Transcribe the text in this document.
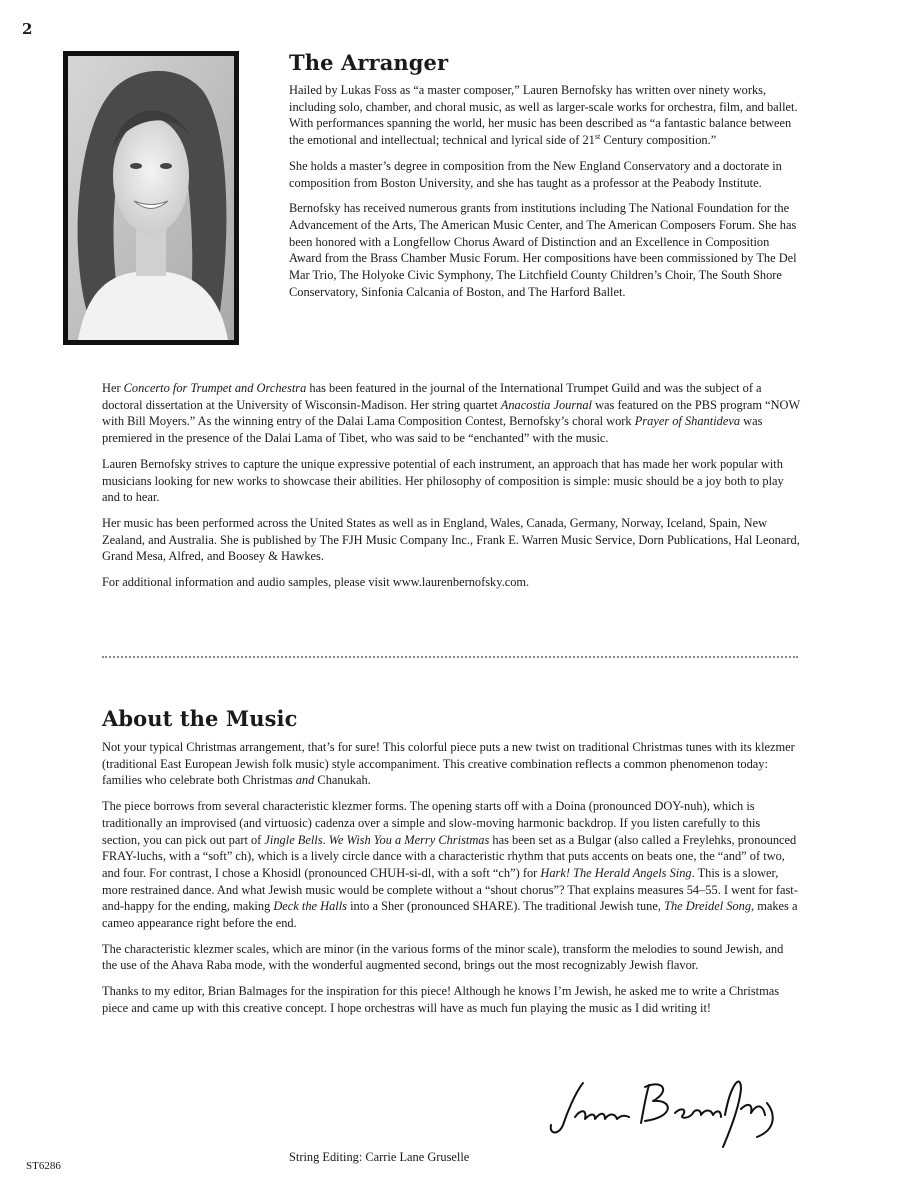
2
The Arranger

Hailed by Lukas Foss as “a master composer,” Lauren Bernofsky has written over ninety works, including solo, chamber, and choral music, as well as larger-scale works for orchestra, film, and ballet. With performances spanning the world, her music has been described as “a fantastic balance between the emotional and intellectual; technical and lyrical side of 21st Century composition.”

She holds a master’s degree in composition from the New England Conservatory and a doctorate in composition from Boston University, and she has taught as a professor at the Peabody Institute.

Bernofsky has received numerous grants from institutions including The National Foundation for the Advancement of the Arts, The American Music Center, and The American Composers Forum. She has been honored with a Longfellow Chorus Award of Distinction and an Excellence in Composition Award from the Brass Chamber Music Forum. Her compositions have been commissioned by The Del Mar Trio, The Holyoke Civic Symphony, The Litchfield County Children’s Choir, The South Shore Conservatory, Sinfonia Calcania of Boston, and The Harford Ballet.

Her Concerto for Trumpet and Orchestra has been featured in the journal of the International Trumpet Guild and was the subject of a doctoral dissertation at the University of Wisconsin-Madison. Her string quartet Anacostia Journal was featured on the PBS program “NOW with Bill Moyers.” As the winning entry of the Dalai Lama Composition Contest, Bernofsky’s choral work Prayer of Shantideva was premiered in the presence of the Dalai Lama of Tibet, who was said to be “enchanted” with the music.

Lauren Bernofsky strives to capture the unique expressive potential of each instrument, an approach that has made her work popular with musicians looking for new works to showcase their abilities. Her philosophy of composition is simple: music should be a joy both to play and to hear.

Her music has been performed across the United States as well as in England, Wales, Canada, Germany, Norway, Iceland, Spain, New Zealand, and Australia. She is published by The FJH Music Company Inc., Frank E. Warren Music Service, Dorn Publications, Hal Leonard, Grand Mesa, Alfred, and Boosey & Hawkes.

For additional information and audio samples, please visit www.laurenbernofsky.com.

About the Music

Not your typical Christmas arrangement, that’s for sure! This colorful piece puts a new twist on traditional Christmas tunes with its klezmer (traditional East European Jewish folk music) style accompaniment. This creative combination reflects a common phenomenon today: families who celebrate both Christmas and Chanukah.

The piece borrows from several characteristic klezmer forms. The opening starts off with a Doina (pronounced DOY-nuh), which is traditionally an improvised (and virtuosic) cadenza over a simple and slow-moving harmonic backdrop. If you listen carefully to this section, you can pick out part of Jingle Bells. We Wish You a Merry Christmas has been set as a Bulgar (also called a Freylehks, pronounced FRAY-luchs, with a “soft” ch), which is a lively circle dance with a characteristic rhythm that puts accents on beats one, the “and” of two, and four. For contrast, I chose a Khosidl (pronounced CHUH-si-dl, with a soft “ch”) for Hark! The Herald Angels Sing. This is a slower, more restrained dance. And what Jewish music would be complete without a “shout chorus”? That explains measures 54–55. I went for fast-and-happy for the ending, making Deck the Halls into a Sher (pronounced SHARE). The traditional Jewish tune, The Dreidel Song, makes a cameo appearance right before the end.

The characteristic klezmer scales, which are minor (in the various forms of the minor scale), transform the melodies to sound Jewish, and the use of the Ahava Raba mode, with the wonderful augmented second, brings out the most recognizably Jewish flavor.

Thanks to my editor, Brian Balmages for the inspiration for this piece! Although he knows I’m Jewish, he asked me to write a Christmas piece and came up with this creative concept. I hope orchestras will have as much fun playing the music as I did writing it!

ST6286
String Editing: Carrie Lane Gruselle
